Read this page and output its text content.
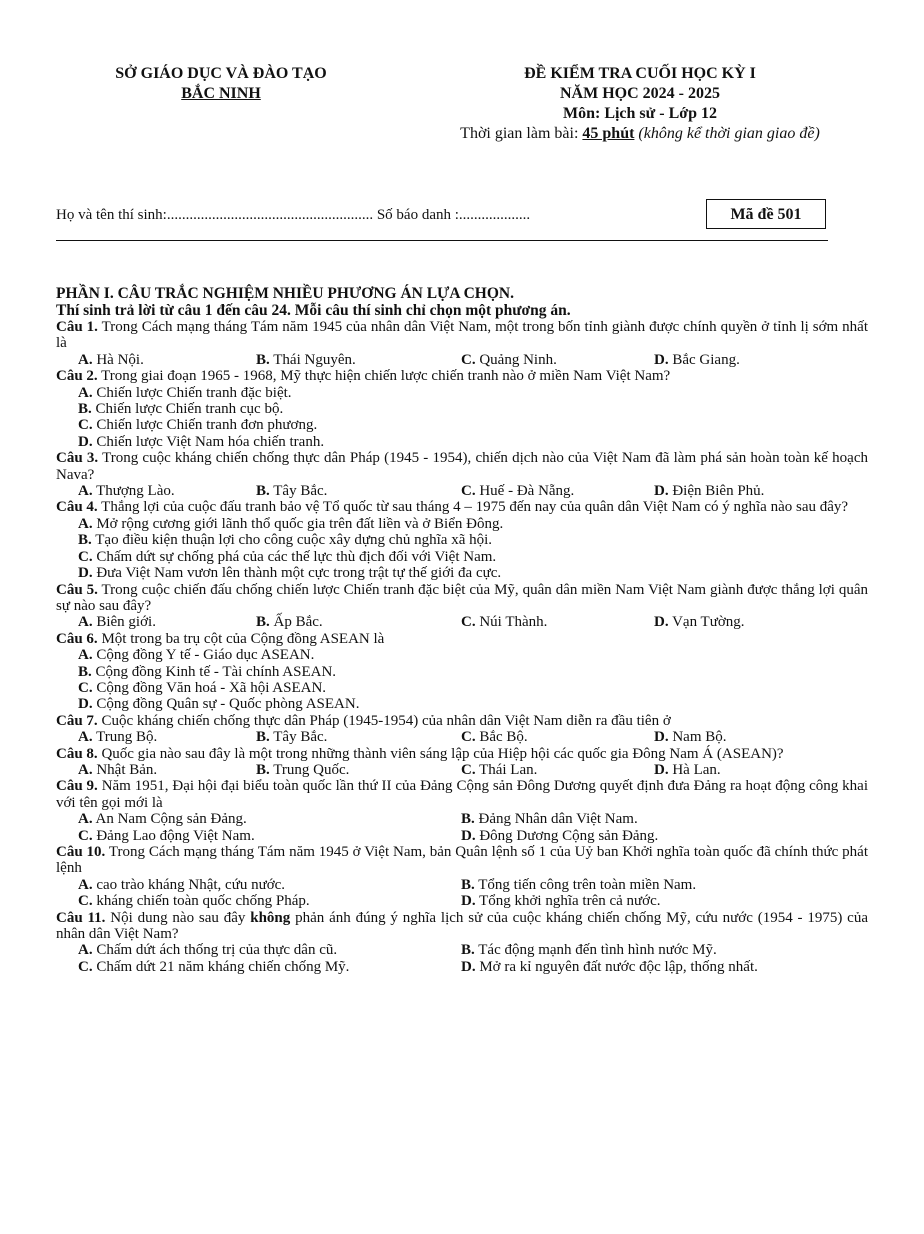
SỞ GIÁO DỤC VÀ ĐÀO TẠO
BẮC NINH
ĐỀ KIỂM TRA CUỐI HỌC KỲ I
NĂM HỌC 2024 - 2025
Môn: Lịch sử - Lớp 12
Thời gian làm bài: 45 phút (không kể thời gian giao đề)
Họ và tên thí sinh:....................................................... Số báo danh :...................	Mã đề 501

PHẦN I. CÂU TRẮC NGHIỆM NHIỀU PHƯƠNG ÁN LỰA CHỌN.

Thí sinh trả lời từ câu 1 đến câu 24. Mỗi câu thí sinh chỉ chọn một phương án.

Câu 1. Trong Cách mạng tháng Tám năm 1945 của nhân dân Việt Nam, một trong bốn tỉnh giành được chính quyền ở tỉnh lị sớm nhất là

A. Hà Nội.	B. Thái Nguyên.	C. Quảng Ninh.	D. Bắc Giang.

Câu 2. Trong giai đoạn 1965 - 1968, Mỹ thực hiện chiến lược chiến tranh nào ở miền Nam Việt Nam?

A. Chiến lược Chiến tranh đặc biệt.
B. Chiến lược Chiến tranh cục bộ.
C. Chiến lược Chiến tranh đơn phương.
D. Chiến lược Việt Nam hóa chiến tranh.

Câu 3. Trong cuộc kháng chiến chống thực dân Pháp (1945 - 1954), chiến dịch nào của Việt Nam đã làm phá sản hoàn toàn kế hoạch Nava?

A. Thượng Lào.	B. Tây Bắc.	C. Huế - Đà Nẵng.	D. Điện Biên Phủ.

Câu 4. Thắng lợi của cuộc đấu tranh bảo vệ Tổ quốc từ sau tháng 4 – 1975 đến nay của quân dân Việt Nam có ý nghĩa nào sau đây?

A. Mở rộng cương giới lãnh thổ quốc gia trên đất liền và ở Biển Đông.
B. Tạo điều kiện thuận lợi cho công cuộc xây dựng chủ nghĩa xã hội.
C. Chấm dứt sự chống phá của các thế lực thù địch đối với Việt Nam.
D. Đưa Việt Nam vươn lên thành một cực trong trật tự thế giới đa cực.

Câu 5. Trong cuộc chiến đấu chống chiến lược Chiến tranh đặc biệt của Mỹ, quân dân miền Nam Việt Nam giành được thắng lợi quân sự nào sau đây?

A. Biên giới.	B. Ấp Bắc.	C. Núi Thành.	D. Vạn Tường.

Câu 6. Một trong ba trụ cột của Cộng đồng ASEAN là

A. Cộng đồng Y tế - Giáo dục ASEAN.
B. Cộng đồng Kinh tế - Tài chính ASEAN.
C. Cộng đồng Văn hoá - Xã hội ASEAN.
D. Cộng đồng Quân sự - Quốc phòng ASEAN.

Câu 7. Cuộc kháng chiến chống thực dân Pháp (1945-1954) của nhân dân Việt Nam diễn ra đầu tiên ở

A. Trung Bộ.	B. Tây Bắc.	C. Bắc Bộ.	D. Nam Bộ.

Câu 8. Quốc gia nào sau đây là một trong những thành viên sáng lập của Hiệp hội các quốc gia Đông Nam Á (ASEAN)?

A. Nhật Bản.	B. Trung Quốc.	C. Thái Lan.	D. Hà Lan.

Câu 9. Năm 1951, Đại hội đại biểu toàn quốc lần thứ II của Đảng Cộng sản Đông Dương quyết định đưa Đảng ra hoạt động công khai với tên gọi mới là

A. An Nam Cộng sản Đảng.	B. Đảng Nhân dân Việt Nam.
C. Đảng Lao động Việt Nam.	D. Đông Dương Cộng sản Đảng.

Câu 10. Trong Cách mạng tháng Tám năm 1945 ở Việt Nam, bản Quân lệnh số 1 của Uỷ ban Khởi nghĩa toàn quốc đã chính thức phát lệnh

A. cao trào kháng Nhật, cứu nước.	B. Tổng tiến công trên toàn miền Nam.
C. kháng chiến toàn quốc chống Pháp.	D. Tổng khởi nghĩa trên cả nước.

Câu 11. Nội dung nào sau đây không phản ánh đúng ý nghĩa lịch sử của cuộc kháng chiến chống Mỹ, cứu nước (1954 - 1975) của nhân dân Việt Nam?

A. Chấm dứt ách thống trị của thực dân cũ.	B. Tác động mạnh đến tình hình nước Mỹ.
C. Chấm dứt 21 năm kháng chiến chống Mỹ.	D. Mở ra kỉ nguyên đất nước độc lập, thống nhất.
